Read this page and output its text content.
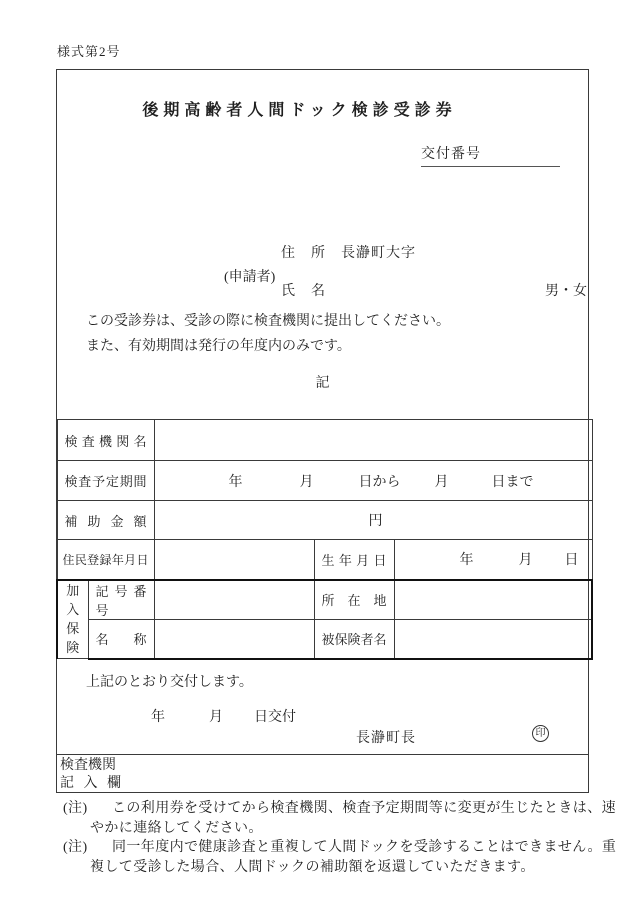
様式第2号
後期高齢者人間ドック検診受診券
交付番号
住　所　長瀞町大字
(申請者)
氏　名	男・女
この受診券は、受診の際に検査機関に提出してください。
また、有効期間は発行の年度内のみです。
記
検査機関名				
検査予定期間		年 月 日から 月 日まで		

補助金額		円		

住民登録年月日			生年月日	年 月 日

加入保険	記号番号		所在地	
	名称		被保険者名	
上記のとおり交付します。
年	月 日交付
長瀞町長	印
検査機関
記 入 欄
(注) この利用券を受けてから検査機関、検査予定期間等に変更が生じたときは、速
やかに連絡してください。
(注) 同一年度内で健康診査と重複して人間ドックを受診することはできません。重
複して受診した場合、人間ドックの補助額を返還していただきます。
